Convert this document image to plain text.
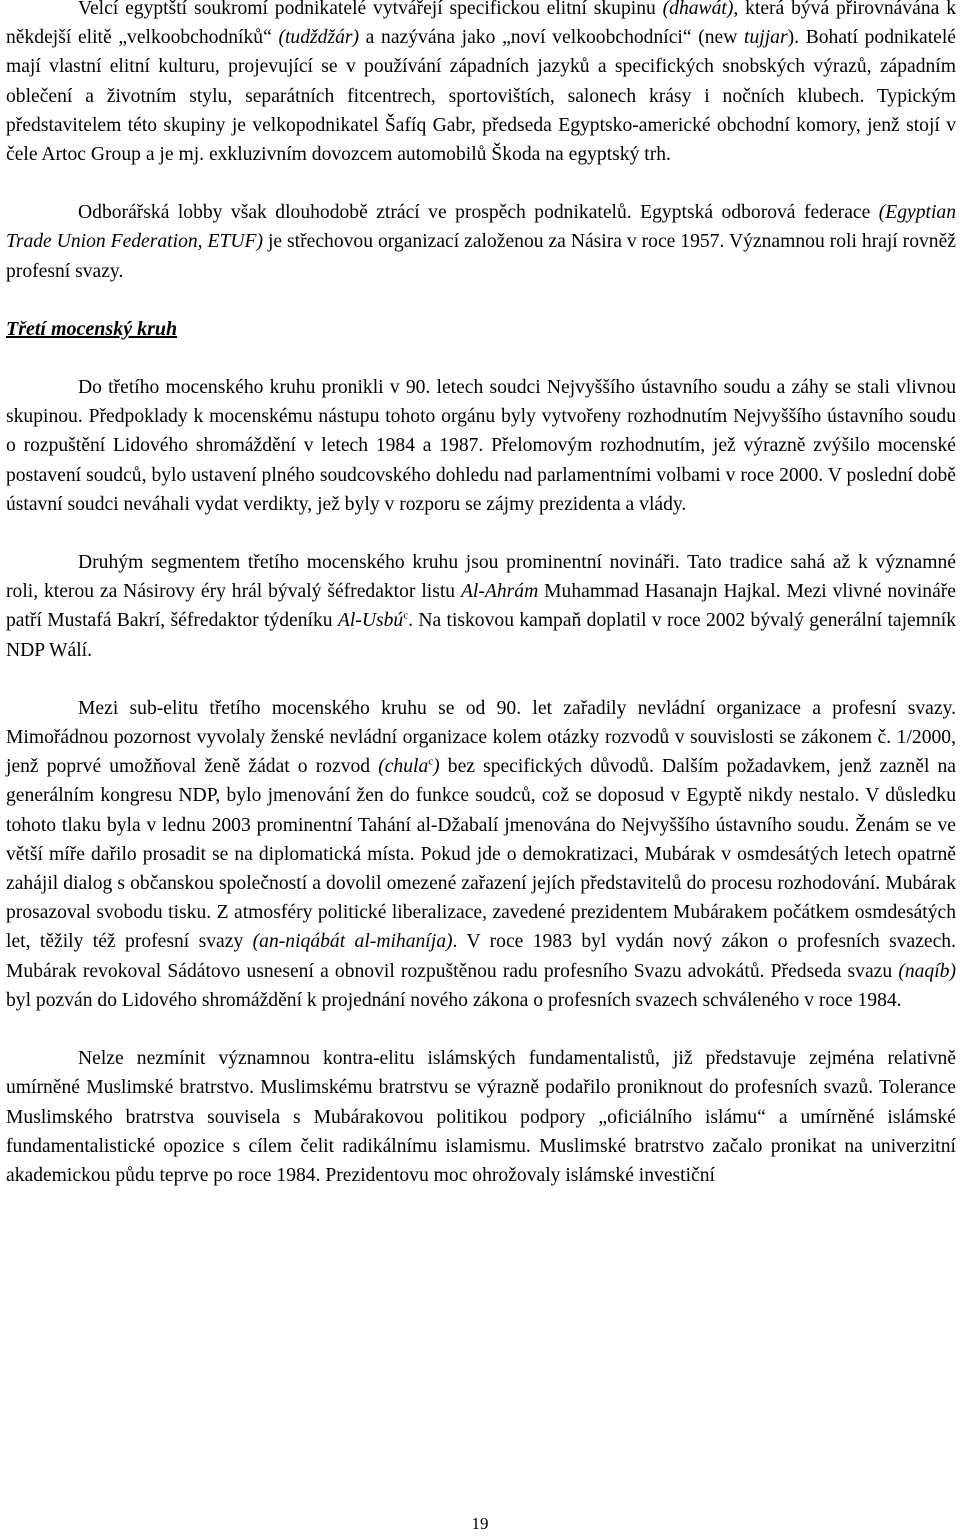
Velcí egyptští soukromí podnikatelé vytvářejí specifickou elitní skupinu (dhawát), která bývá přirovnávána k někdejší elitě „velkoobchodníků“ (tudždžár) a nazývána jako „noví velkoobchodníci“ (new tujjar). Bohatí podnikatelé mají vlastní elitní kulturu, projevující se v používání západních jazyků a specifických snobských výrazů, západním oblečení a životním stylu, separátních fitcentrech, sportovištích, salonech krásy i nočních klubech. Typickým představitelem této skupiny je velkopodnikatel Šafíq Gabr, předseda Egyptsko-americké obchodní komory, jenž stojí v čele Artoc Group a je mj. exkluzivním dovozcem automobilů Škoda na egyptský trh.

Odborářská lobby však dlouhodobě ztrácí ve prospěch podnikatelů. Egyptská odborová federace (Egyptian Trade Union Federation, ETUF) je střechovou organizací založenou za Násira v roce 1957. Významnou roli hrají rovněž profesní svazy.

Třetí mocenský kruh

Do třetího mocenského kruhu pronikli v 90. letech soudci Nejvyššího ústavního soudu a záhy se stali vlivnou skupinou. Předpoklady k mocenskému nástupu tohoto orgánu byly vytvořeny rozhodnutím Nejvyššího ústavního soudu o rozpuštění Lidového shromáždění v letech 1984 a 1987. Přelomovým rozhodnutím, jež výrazně zvýšilo mocenské postavení soudců, bylo ustavení plného soudcovského dohledu nad parlamentními volbami v roce 2000. V poslední době ústavní soudci neváhali vydat verdikty, jež byly v rozporu se zájmy prezidenta a vlády.

Druhým segmentem třetího mocenského kruhu jsou prominentní novináři. Tato tradice sahá až k významné roli, kterou za Násirovy éry hrál bývalý šéfredaktor listu Al-Ahrám Muhammad Hasanajn Hajkal. Mezi vlivné novináře patří Mustafá Bakrí, šéfredaktor týdeníku Al-Usbú$^c$. Na tiskovou kampaň doplatil v roce 2002 bývalý generální tajemník NDP Wálí.

Mezi sub-elitu třetího mocenského kruhu se od 90. let zařadily nevládní organizace a profesní svazy. Mimořádnou pozornost vyvolaly ženské nevládní organizace kolem otázky rozvodů v souvislosti se zákonem č. 1/2000, jenž poprvé umožňoval ženě žádat o rozvod (chula$^c$) bez specifických důvodů. Dalším požadavkem, jenž zazněl na generálním kongresu NDP, bylo jmenování žen do funkce soudců, což se doposud v Egyptě nikdy nestalo. V důsledku tohoto tlaku byla v lednu 2003 prominentní Tahání al-Džabalí jmenována do Nejvyššího ústavního soudu. Ženám se ve větší míře dařilo prosadit se na diplomatická místa. Pokud jde o demokratizaci, Mubárak v osmdesátých letech opatrně zahájil dialog s občanskou společností a dovolil omezené zařazení jejích představitelů do procesu rozhodování. Mubárak prosazoval svobodu tisku. Z atmosféry politické liberalizace, zavedené prezidentem Mubárakem počátkem osmdesátých let, těžily též profesní svazy (an-niqábát al-mihaníja). V roce 1983 byl vydán nový zákon o profesních svazech. Mubárak revokoval Sádátovo usnesení a obnovil rozpuštěnou radu profesního Svazu advokátů. Předseda svazu (naqíb) byl pozván do Lidového shromáždění k projednání nového zákona o profesních svazech schváleného v roce 1984.

Nelze nezmínit významnou kontra-elitu islámských fundamentalistů, již představuje zejména relativně umírněné Muslimské bratrstvo. Muslimskému bratrstvu se výrazně podařilo proniknout do profesních svazů. Tolerance Muslimského bratrstva souvisela s Mubárakovou politikou podpory „oficiálního islámu“ a umírněné islámské fundamentalistické opozice s cílem čelit radikálnímu islamismu. Muslimské bratrstvo začalo pronikat na univerzitní akademickou půdu teprve po roce 1984. Prezidentovu moc ohrožovaly islámské investiční

19
